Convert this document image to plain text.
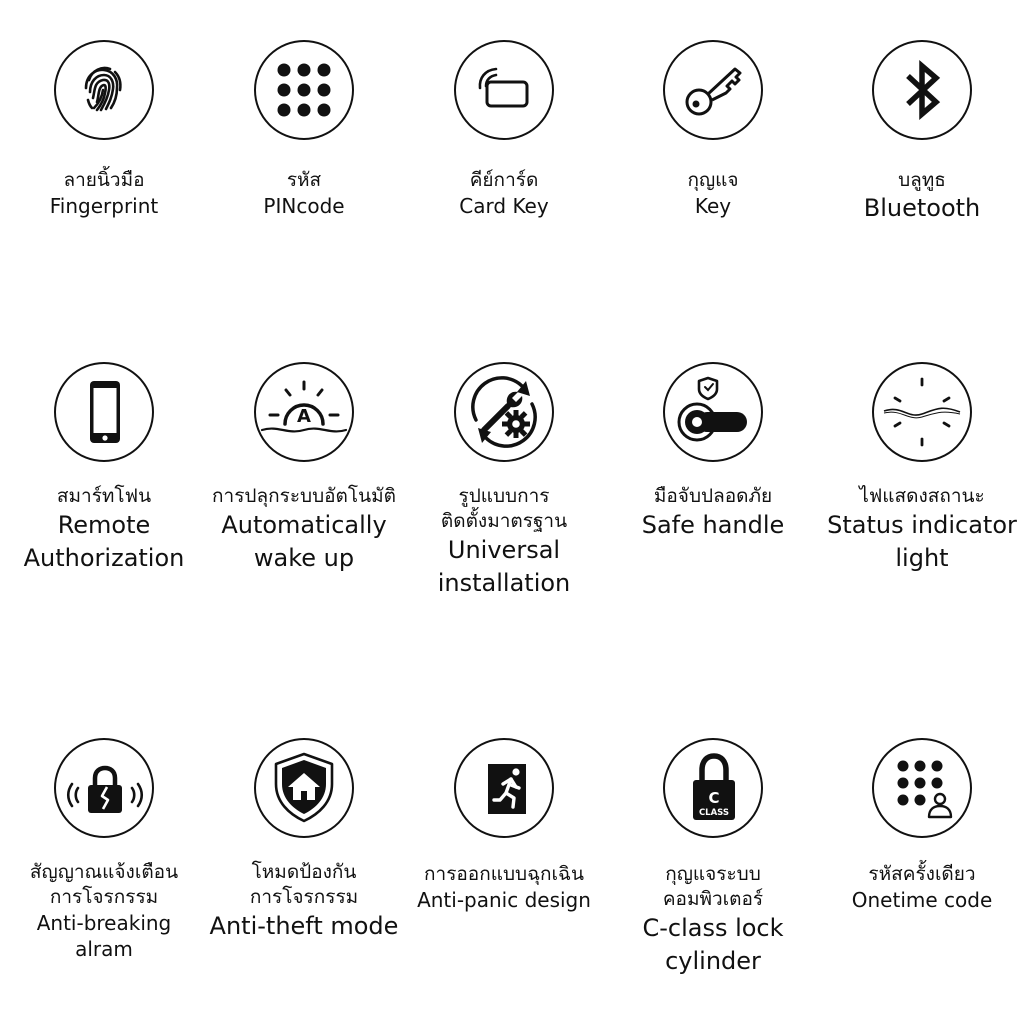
ลายนิ้วมือ
Fingerprint
รหัส
PINcode
คีย์การ์ด
Card Key
กุญแจ
Key
บลูทูธ
Bluetooth
สมาร์ทโฟน
Remote
Authorization
A
การปลุกระบบอัตโนมัติ
Automatically
wake up
รูปแบบการ
ติดตั้งมาตรฐาน
Universal
installation
มือจับปลอดภัย
Safe handle
ไฟแสดงสถานะ
Status indicator
light
สัญญาณแจ้งเตือน
การโจรกรรม
Anti-breaking
alram
โหมดป้องกัน
การโจรกรรม
Anti-theft mode
การออกแบบฉุกเฉิน
Anti-panic design
C
CLASS
กุญแจระบบ
คอมพิวเตอร์
C-class lock
cylinder
รหัสครั้งเดียว
Onetime code
